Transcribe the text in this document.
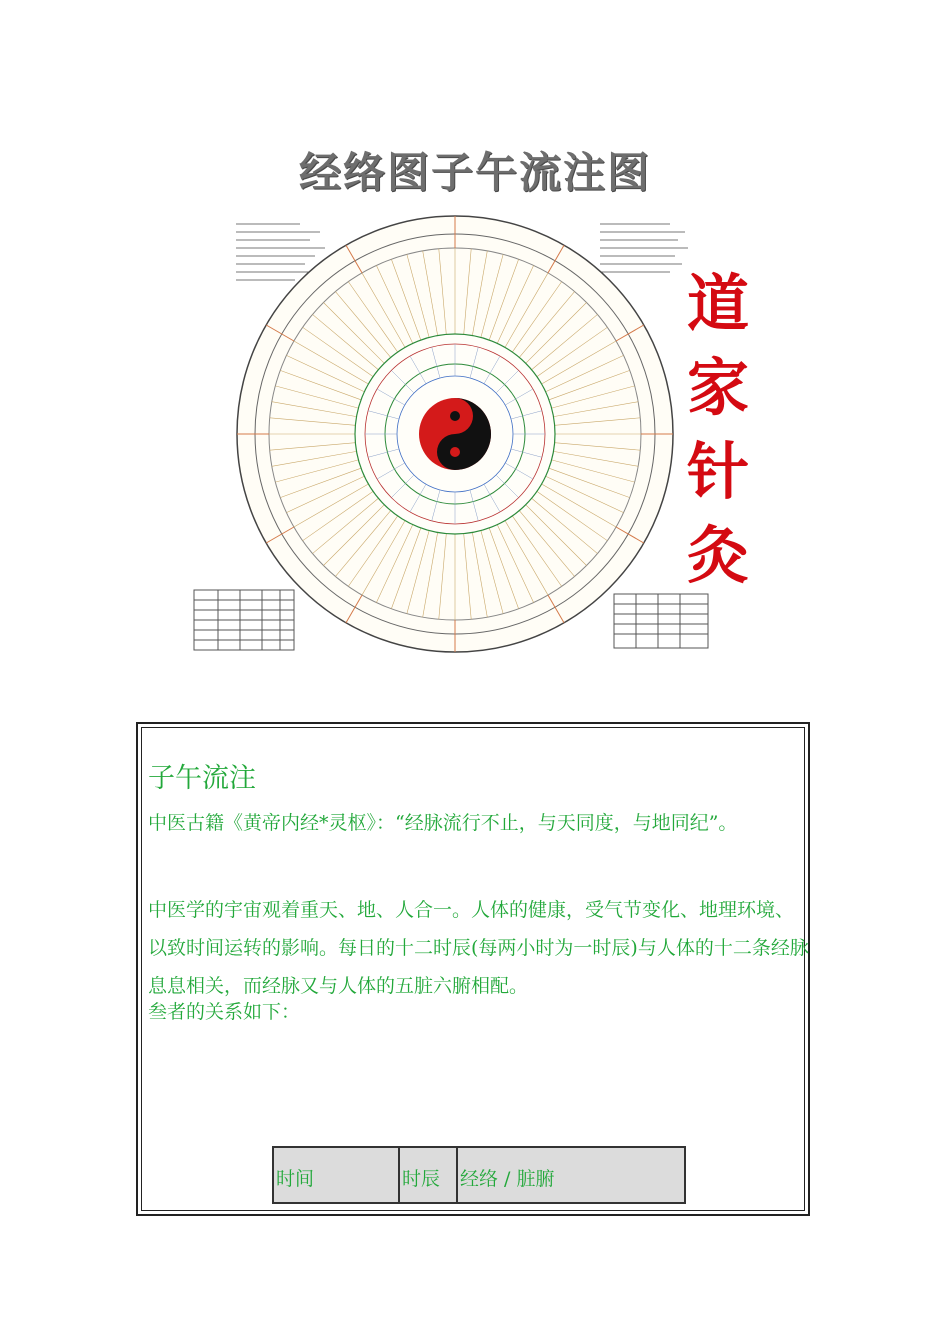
经络图子午流注图
道
家
针
灸
子午流注
中医古籍《黄帝内经*灵枢》：“经脉流行不止，与天同度，与地同纪”。
中医学的宇宙观着重天、地、人合一。人体的健康，受气节变化、地理环境、以致时间运转的影响。每日的十二时辰(每两小时为一时辰)与人体的十二条经脉息息相关，而经脉又与人体的五脏六腑相配。
叁者的关系如下：
时间	时辰	经络 / 脏腑
